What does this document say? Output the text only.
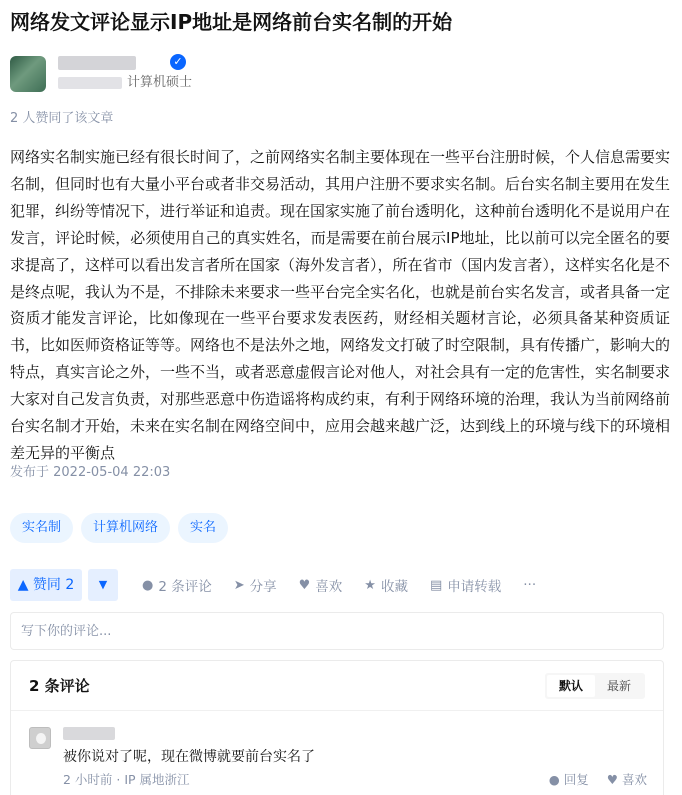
网络发文评论显示IP地址是网络前台实名制的开始
✓
计算机硕士
2 人赞同了该文章

网络实名制实施已经有很长时间了，之前网络实名制主要体现在一些平台注册时候，个人信息需要实名制，但同时也有大量小平台或者非交易活动，其用户注册不要求实名制。后台实名制主要用在发生犯罪，纠纷等情况下，进行举证和追责。现在国家实施了前台透明化，这种前台透明化不是说用户在发言，评论时候，必须使用自己的真实姓名，而是需要在前台展示IP地址，比以前可以完全匿名的要求提高了，这样可以看出发言者所在国家（海外发言者），所在省市（国内发言者），这样实名化是不是终点呢，我认为不是，不排除未来要求一些平台完全实名化，也就是前台实名发言，或者具备一定资质才能发言评论，比如像现在一些平台要求发表医药，财经相关题材言论，必须具备某种资质证书，比如医师资格证等等。网络也不是法外之地，网络发文打破了时空限制，具有传播广，影响大的特点，真实言论之外，一些不当，或者恶意虚假言论对他人，对社会具有一定的危害性，实名制要求大家对自己发言负责，对那些恶意中伤造谣将构成约束，有利于网络环境的治理，我认为当前网络前台实名制才开始，未来在实名制在网络空间中，应用会越来越广泛，达到线上的环境与线下的环境相差无异的平衡点

发布于 2022-05-04 22:03
实名制	计算机网络	实名
▲ 赞同 2	▼	● 2 条评论 ➤ 分享 ♥ 喜欢 ★ 收藏 ▤ 申请转载 ···
写下你的评论...
2 条评论	默认	最新
被你说对了呢，现在微博就要前台实名了
2 小时前 · IP 属地浙江	● 回复 ♥ 喜欢
